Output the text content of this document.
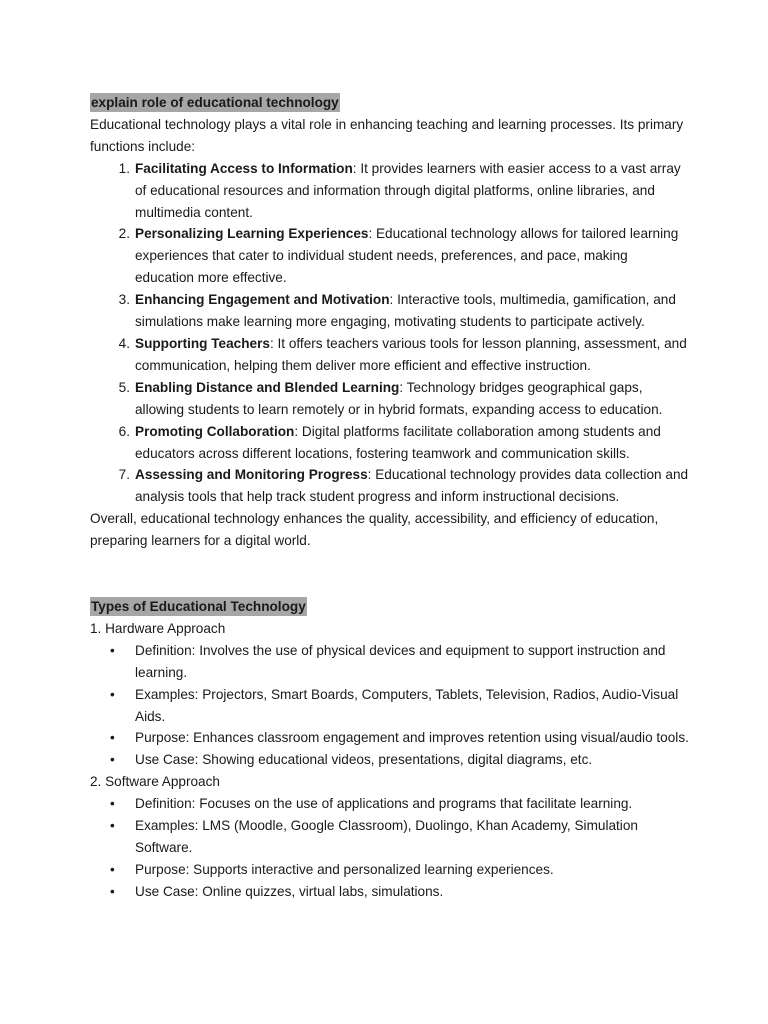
explain role of educational technology

Educational technology plays a vital role in enhancing teaching and learning processes. Its primary functions include:

1. Facilitating Access to Information: It provides learners with easier access to a vast array of educational resources and information through digital platforms, online libraries, and multimedia content.
2. Personalizing Learning Experiences: Educational technology allows for tailored learning experiences that cater to individual student needs, preferences, and pace, making education more effective.
3. Enhancing Engagement and Motivation: Interactive tools, multimedia, gamification, and simulations make learning more engaging, motivating students to participate actively.
4. Supporting Teachers: It offers teachers various tools for lesson planning, assessment, and communication, helping them deliver more efficient and effective instruction.
5. Enabling Distance and Blended Learning: Technology bridges geographical gaps, allowing students to learn remotely or in hybrid formats, expanding access to education.
6. Promoting Collaboration: Digital platforms facilitate collaboration among students and educators across different locations, fostering teamwork and communication skills.
7. Assessing and Monitoring Progress: Educational technology provides data collection and analysis tools that help track student progress and inform instructional decisions.

Overall, educational technology enhances the quality, accessibility, and efficiency of education, preparing learners for a digital world.

Types of Educational Technology

1. Hardware Approach

• Definition: Involves the use of physical devices and equipment to support instruction and learning.
• Examples: Projectors, Smart Boards, Computers, Tablets, Television, Radios, Audio-Visual Aids.
• Purpose: Enhances classroom engagement and improves retention using visual/audio tools.
• Use Case: Showing educational videos, presentations, digital diagrams, etc.

2. Software Approach

• Definition: Focuses on the use of applications and programs that facilitate learning.
• Examples: LMS (Moodle, Google Classroom), Duolingo, Khan Academy, Simulation Software.
• Purpose: Supports interactive and personalized learning experiences.
• Use Case: Online quizzes, virtual labs, simulations.
